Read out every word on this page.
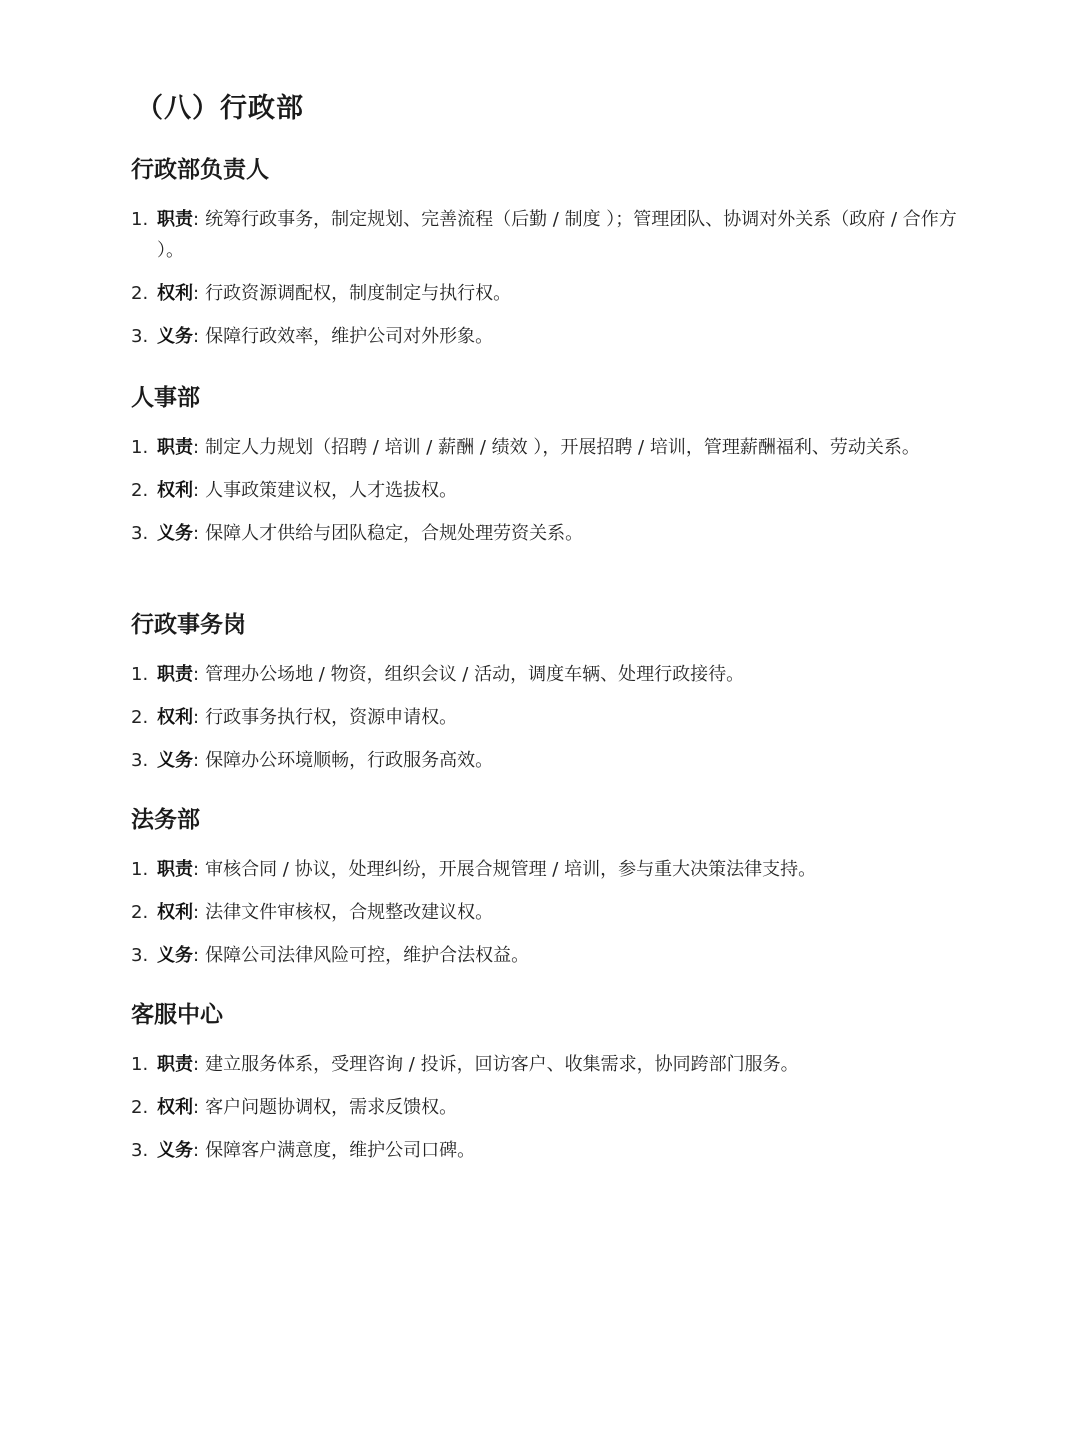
（八）行政部
行政部负责人
1. 职责: 统筹行政事务，制定规划、完善流程（后勤 / 制度 ）；管理团队、协调对外关系（政府 / 合作方 ）。
2. 权利: 行政资源调配权，制度制定与执行权。
3. 义务: 保障行政效率，维护公司对外形象。
人事部
1. 职责: 制定人力规划（招聘 / 培训 / 薪酬 / 绩效 ），开展招聘 / 培训，管理薪酬福利、劳动关系。
2. 权利: 人事政策建议权，人才选拔权。
3. 义务: 保障人才供给与团队稳定，合规处理劳资关系。
行政事务岗
1. 职责: 管理办公场地 / 物资，组织会议 / 活动，调度车辆、处理行政接待。
2. 权利: 行政事务执行权，资源申请权。
3. 义务: 保障办公环境顺畅，行政服务高效。
法务部
1. 职责: 审核合同 / 协议，处理纠纷，开展合规管理 / 培训，参与重大决策法律支持。
2. 权利: 法律文件审核权，合规整改建议权。
3. 义务: 保障公司法律风险可控，维护合法权益。
客服中心
1. 职责: 建立服务体系，受理咨询 / 投诉，回访客户、收集需求，协同跨部门服务。
2. 权利: 客户问题协调权，需求反馈权。
3. 义务: 保障客户满意度，维护公司口碑。
